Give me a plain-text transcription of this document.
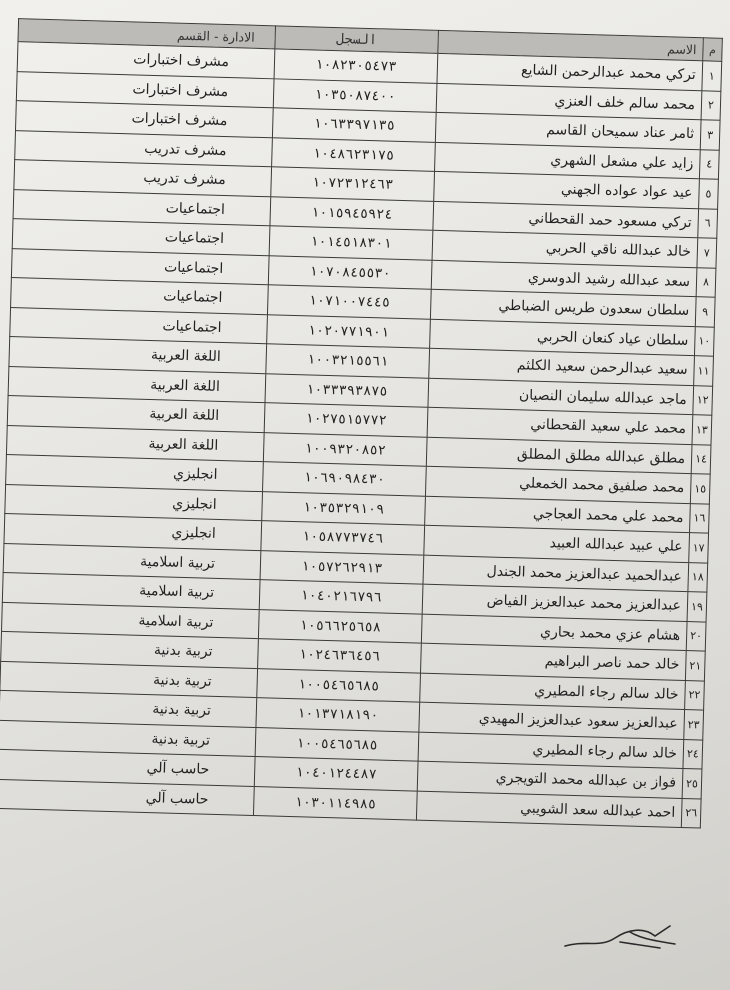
م	الاسم	السجل	الادارة - القسم
١	تركي محمد عبدالرحمن الشايع	١٠٨٢٣٠٥٤٧٣	مشرف اختبارات
٢	محمد سالم خلف العنزي	١٠٣٥٠٨٧٤٠٠	مشرف اختبارات
٣	ثامر عناد سميحان القاسم	١٠٦٣٣٩٧١٣٥	مشرف اختبارات
٤	زايد علي مشعل الشهري	١٠٤٨٦٢٣١٧٥	مشرف تدريب
٥	عيد عواد عواده الجهني	١٠٧٢٣١٢٤٦٣	مشرف تدريب
٦	تركي مسعود حمد القحطاني	١٠١٥٩٤٥٩٢٤	اجتماعيات
٧	خالد عبدالله ناقي الحربي	١٠١٤٥١٨٣٠١	اجتماعيات
٨	سعد عبدالله رشيد الدوسري	١٠٧٠٨٤٥٥٣٠	اجتماعيات
٩	سلطان سعدون طريس الضباطي	١٠٧١٠٠٧٤٤٥	اجتماعيات
١٠	سلطان عياد كنعان الحربي	١٠٢٠٧٧١٩٠١	اجتماعيات
١١	سعيد عبدالرحمن سعيد الكلثم	١٠٠٣٢١٥٥٦١	اللغة العربية
١٢	ماجد عبدالله سليمان النصيان	١٠٣٣٣٩٣٨٧٥	اللغة العربية
١٣	محمد علي سعيد القحطاني	١٠٢٧٥١٥٧٧٢	اللغة العربية
١٤	مطلق عبدالله مطلق المطلق	١٠٠٩٣٢٠٨٥٢	اللغة العربية
١٥	محمد صلفيق محمد الخمعلي	١٠٦٩٠٩٨٤٣٠	انجليزي
١٦	محمد علي محمد العجاجي	١٠٣٥٣٢٩١٠٩	انجليزي
١٧	علي عبيد عبدالله العبيد	١٠٥٨٧٧٣٧٤٦	انجليزي
١٨	عبدالحميد عبدالعزيز محمد الجندل	١٠٥٧٢٦٢٩١٣	تربية اسلامية
١٩	عبدالعزيز محمد عبدالعزيز الفياض	١٠٤٠٢١٦٧٩٦	تربية اسلامية
٢٠	هشام عزي محمد بحاري	١٠٥٦٦٢٥٦٥٨	تربية اسلامية
٢١	خالد حمد ناصر البراهيم	١٠٢٤٦٣٦٤٥٦	تربية بدنية
٢٢	خالد سالم رجاء المطيري	١٠٠٥٤٦٥٦٨٥	تربية بدنية
٢٣	عبدالعزيز سعود عبدالعزيز المهيدي	١٠١٣٧١٨١٩٠	تربية بدنية
٢٤	خالد سالم رجاء المطيري	١٠٠٥٤٦٥٦٨٥	تربية بدنية
٢٥	فواز بن عبدالله محمد التويجري	١٠٤٠١٢٤٤٨٧	حاسب آلي
٢٦	احمد عبدالله سعد الشويبي	١٠٣٠١١٤٩٨٥	حاسب آلي
